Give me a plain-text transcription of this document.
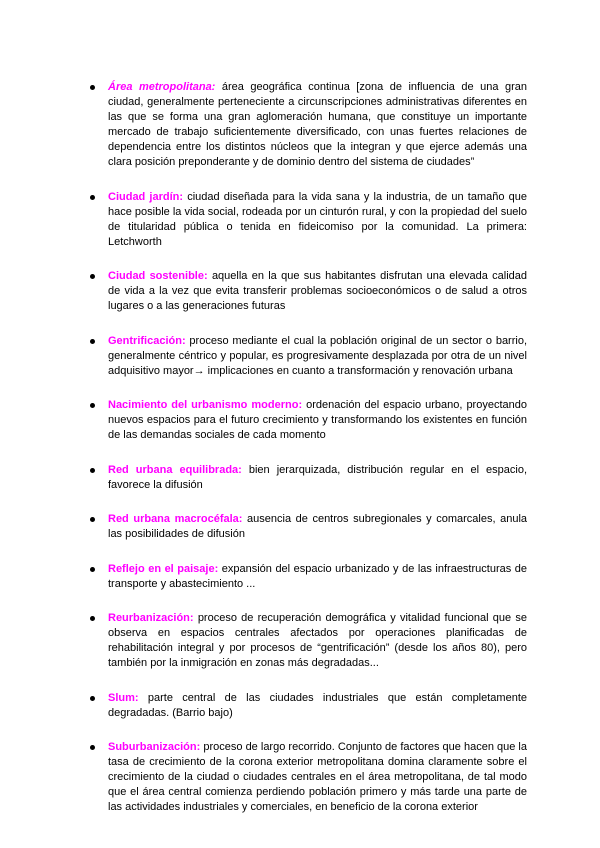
Área metropolitana: área geográfica continua [zona de influencia de una gran ciudad, generalmente perteneciente a circunscripciones administrativas diferentes en las que se forma una gran aglomeración humana, que constituye un importante mercado de trabajo suficientemente diversificado, con unas fuertes relaciones de dependencia entre los distintos núcleos que la integran y que ejerce además una clara posición preponderante y de dominio dentro del sistema de ciudades”
Ciudad jardín: ciudad diseñada para la vida sana y la industria, de un tamaño que hace posible la vida social, rodeada por un cinturón rural, y con la propiedad del suelo de titularidad pública o tenida en fideicomiso por la comunidad. La primera: Letchworth
Ciudad sostenible: aquella en la que sus habitantes disfrutan una elevada calidad de vida a la vez que evita transferir problemas socioeconómicos o de salud a otros lugares o a las generaciones futuras
Gentrificación: proceso mediante el cual la población original de un sector o barrio, generalmente céntrico y popular, es progresivamente desplazada por otra de un nivel adquisitivo mayor→ implicaciones en cuanto a transformación y renovación urbana
Nacimiento del urbanismo moderno: ordenación del espacio urbano, proyectando nuevos espacios para el futuro crecimiento y transformando los existentes en función de las demandas sociales de cada momento
Red urbana equilibrada: bien jerarquizada, distribución regular en el espacio, favorece la difusión
Red urbana macrocéfala: ausencia de centros subregionales y comarcales, anula las posibilidades de difusión
Reflejo en el paisaje: expansión del espacio urbanizado y de las infraestructuras de transporte y abastecimiento ...
Reurbanización: proceso de recuperación demográfica y vitalidad funcional que se observa en espacios centrales afectados por operaciones planificadas de rehabilitación integral y por procesos de “gentrificación” (desde los años 80), pero también por la inmigración en zonas más degradadas...
Slum: parte central de las ciudades industriales que están completamente degradadas. (Barrio bajo)
Suburbanización: proceso de largo recorrido. Conjunto de factores que hacen que la tasa de crecimiento de la corona exterior metropolitana domina claramente sobre el crecimiento de la ciudad o ciudades centrales en el área metropolitana, de tal modo que el área central comienza perdiendo población primero y más tarde una parte de las actividades industriales y comerciales, en beneficio de la corona exterior
